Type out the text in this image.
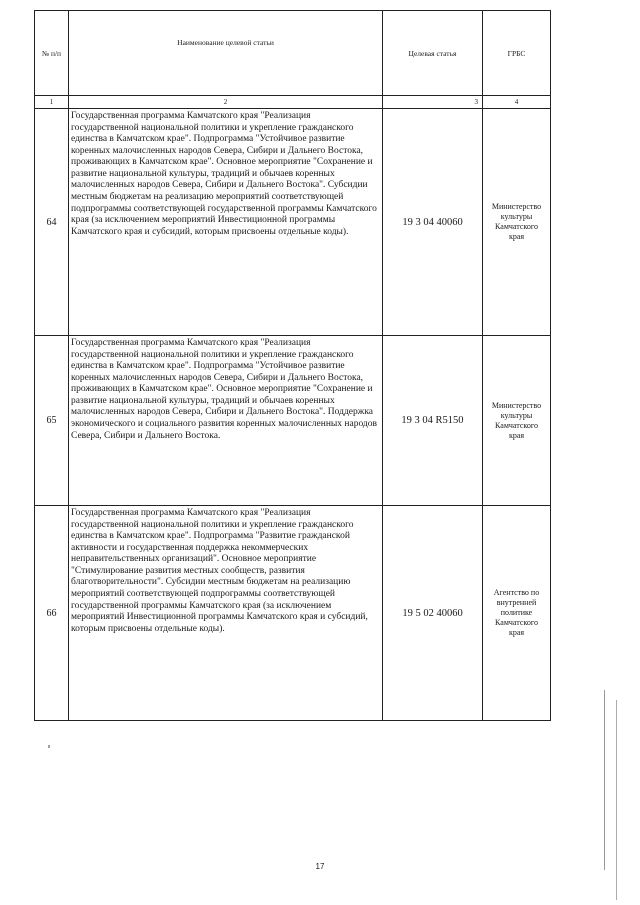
№ п/п	Наименование целевой статьи	Целевая статья	ГРБС
1	2	3	4
64	Государственная программа Камчатского края "Реализация государственной национальной политики и укрепление гражданского единства в Камчатском крае". Подпрограмма "Устойчивое развитие коренных малочисленных народов Севера, Сибири и Дальнего Востока, проживающих в Камчатском крае". Основное мероприятие "Сохранение и развитие национальной культуры, традиций и обычаев коренных малочисленных народов Севера, Сибири и Дальнего Востока". Субсидии местным бюджетам на реализацию мероприятий соответствующей подпрограммы соответствующей государственной программы Камчатского края (за исключением мероприятий Инвестиционной программы Камчатского края и субсидий, которым присвоены отдельные коды).	19 3 04 40060	Министерство культуры Камчатского края
65	Государственная программа Камчатского края "Реализация государственной национальной политики и укрепление гражданского единства в Камчатском крае". Подпрограмма "Устойчивое развитие коренных малочисленных народов Севера, Сибири и Дальнего Востока, проживающих в Камчатском крае". Основное мероприятие "Сохранение и развитие национальной культуры, традиций и обычаев коренных малочисленных народов Севера, Сибири и Дальнего Востока". Поддержка экономического и социального развития коренных малочисленных народов Севера, Сибири и Дальнего Востока.	19 3 04 R5150	Министерство культуры Камчатского края
66	Государственная программа Камчатского края "Реализация государственной национальной политики и укрепление гражданского единства в Камчатском крае". Подпрограмма "Развитие гражданской активности и государственная поддержка некоммерческих неправительственных организаций". Основное мероприятие "Стимулирование развития местных сообществ, развития благотворительности". Субсидии местным бюджетам на реализацию мероприятий соответствующей подпрограммы соответствующей государственной программы Камчатского края (за исключением мероприятий Инвестиционной программы Камчатского края и субсидий, которым присвоены отдельные коды).	19 5 02 40060	Агентство по внутренней политике Камчатского края
17
